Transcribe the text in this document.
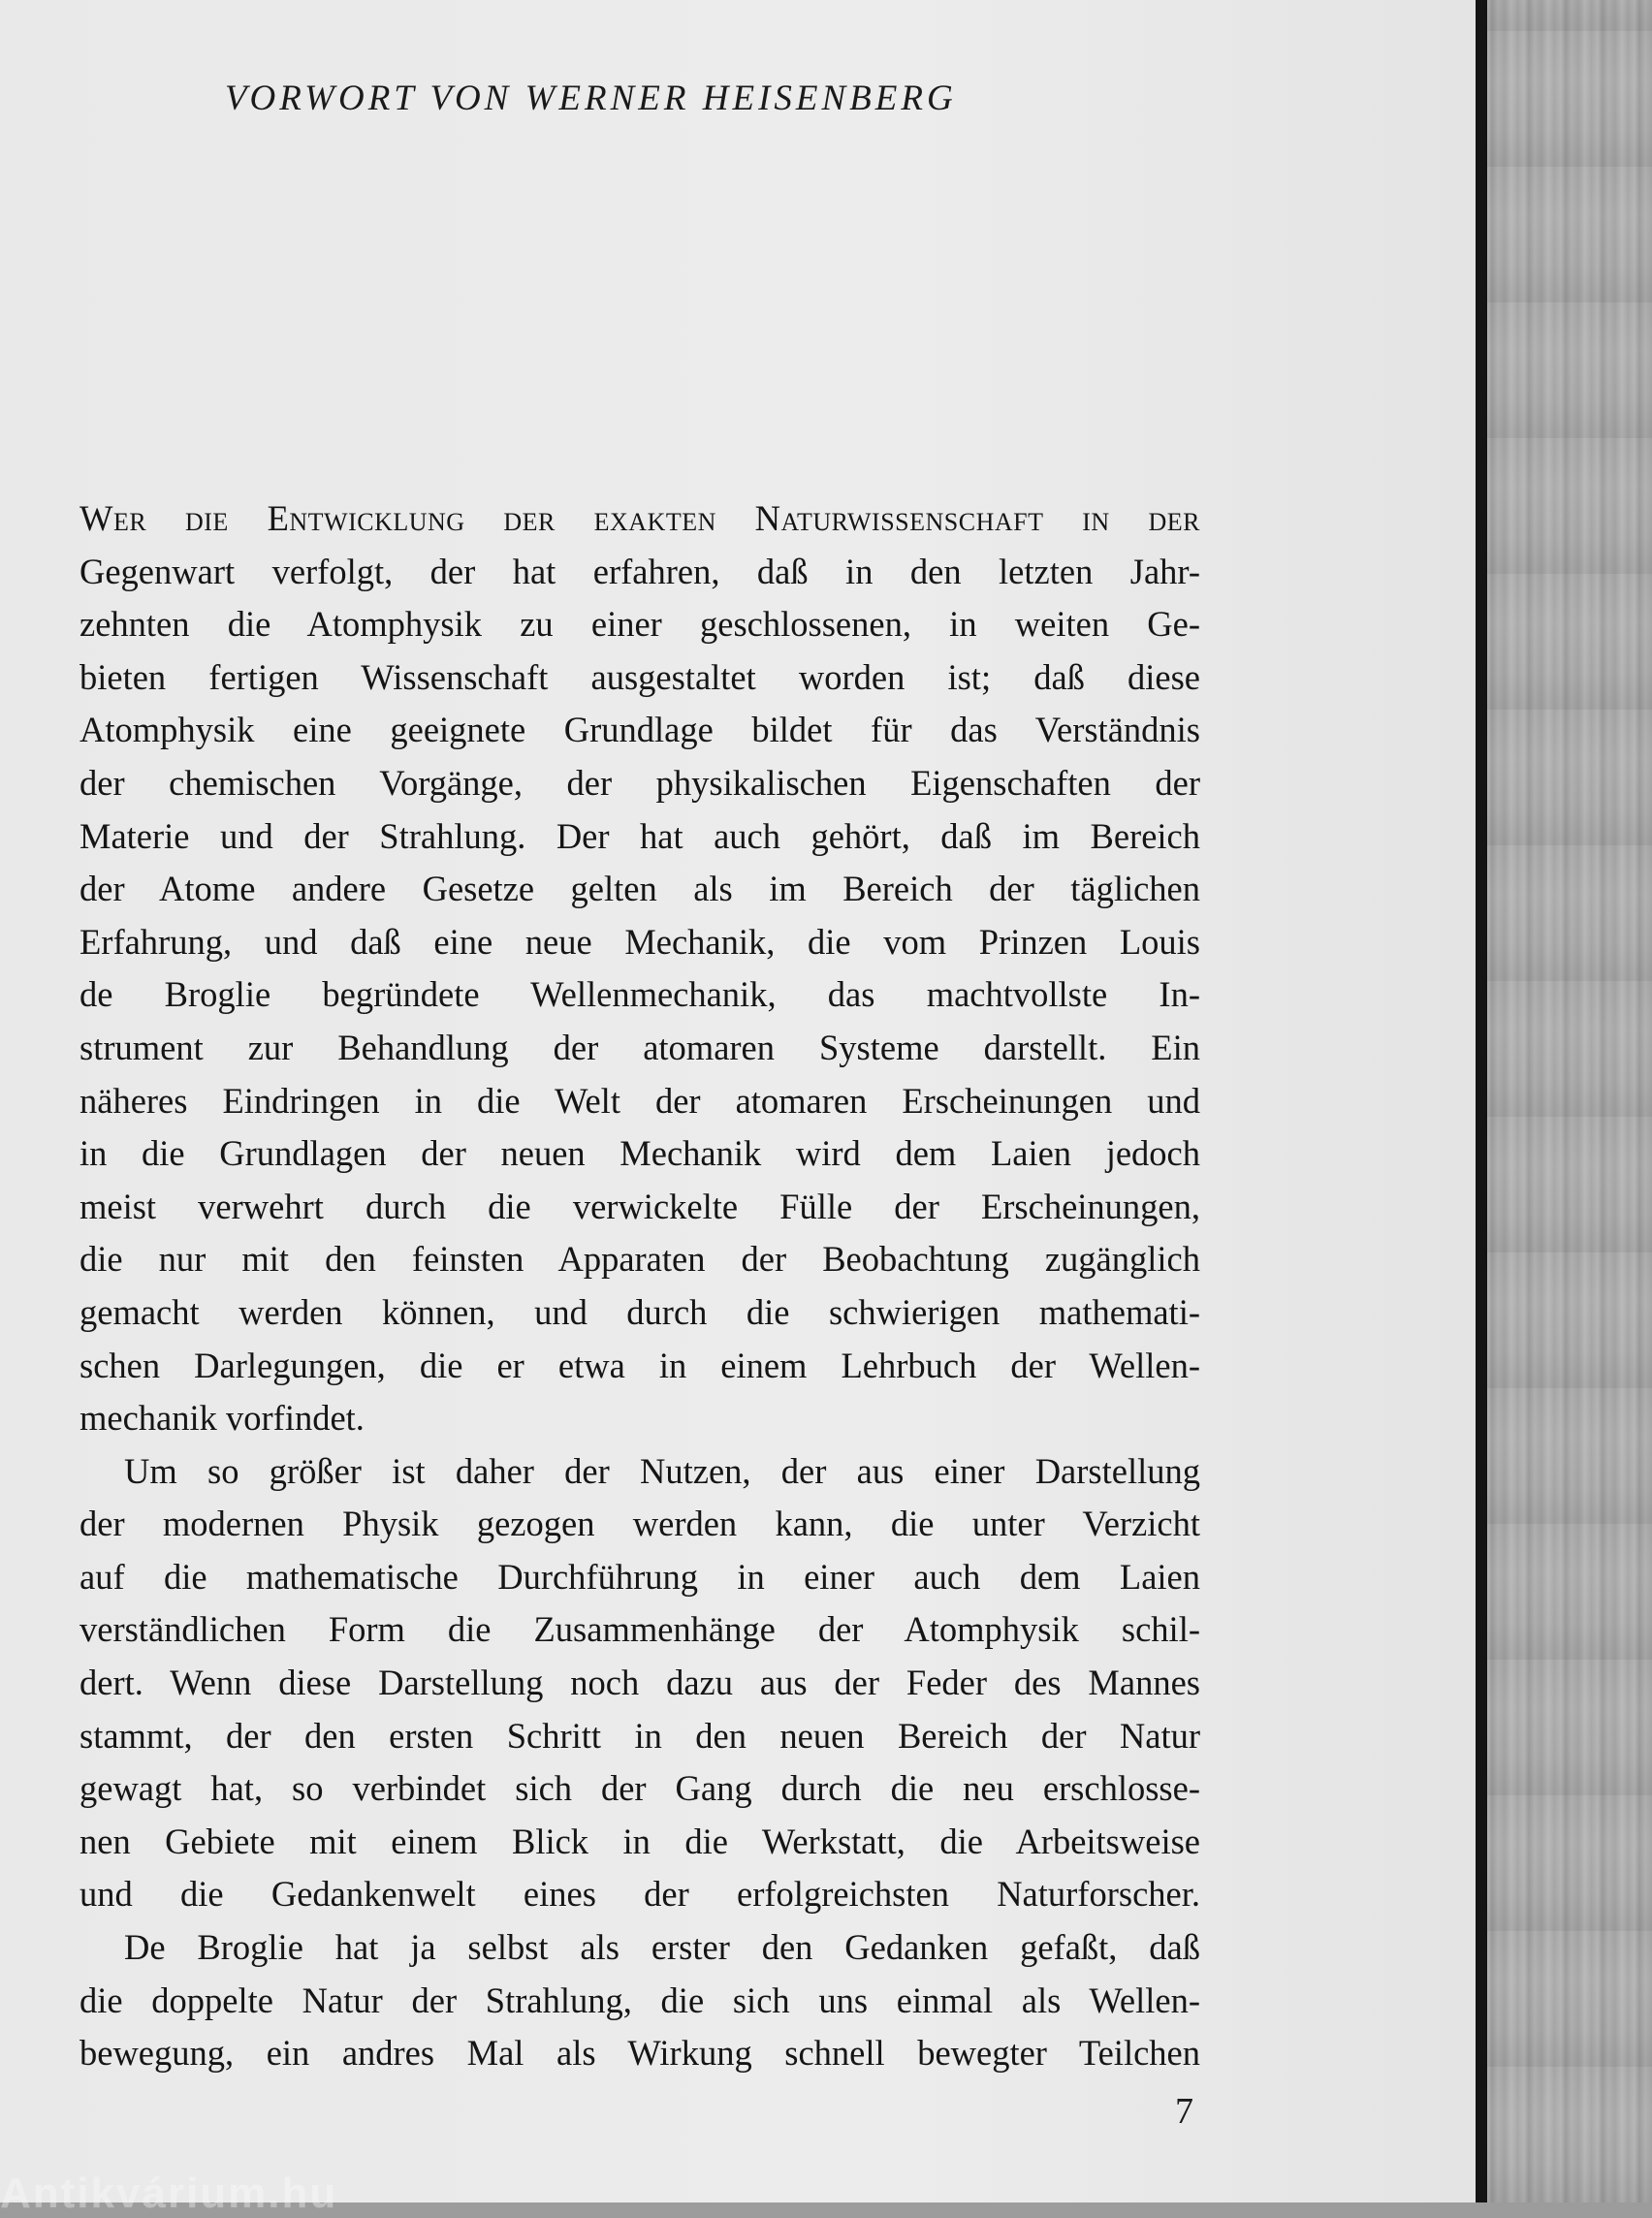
VORWORT VON WERNER HEISENBERG
Wer die Entwicklung der exakten Naturwissenschaft in der
Gegenwart verfolgt, der hat erfahren, daß in den letzten Jahr-
zehnten die Atomphysik zu einer geschlossenen, in weiten Ge-
bieten fertigen Wissenschaft ausgestaltet worden ist; daß diese
Atomphysik eine geeignete Grundlage bildet für das Verständnis
der chemischen Vorgänge, der physikalischen Eigenschaften der
Materie und der Strahlung. Der hat auch gehört, daß im Bereich
der Atome andere Gesetze gelten als im Bereich der täglichen
Erfahrung, und daß eine neue Mechanik, die vom Prinzen Louis
de Broglie begründete Wellenmechanik, das machtvollste In-
strument zur Behandlung der atomaren Systeme darstellt. Ein
näheres Eindringen in die Welt der atomaren Erscheinungen und
in die Grundlagen der neuen Mechanik wird dem Laien jedoch
meist verwehrt durch die verwickelte Fülle der Erscheinungen,
die nur mit den feinsten Apparaten der Beobachtung zugänglich
gemacht werden können, und durch die schwierigen mathemati-
schen Darlegungen, die er etwa in einem Lehrbuch der Wellen-
mechanik vorfindet.
Um so größer ist daher der Nutzen, der aus einer Darstellung
der modernen Physik gezogen werden kann, die unter Verzicht
auf die mathematische Durchführung in einer auch dem Laien
verständlichen Form die Zusammenhänge der Atomphysik schil-
dert. Wenn diese Darstellung noch dazu aus der Feder des Mannes
stammt, der den ersten Schritt in den neuen Bereich der Natur
gewagt hat, so verbindet sich der Gang durch die neu erschlosse-
nen Gebiete mit einem Blick in die Werkstatt, die Arbeitsweise
und die Gedankenwelt eines der erfolgreichsten Naturforscher.
De Broglie hat ja selbst als erster den Gedanken gefaßt, daß
die doppelte Natur der Strahlung, die sich uns einmal als Wellen-
bewegung, ein andres Mal als Wirkung schnell bewegter Teilchen
7
Antikvárium.hu
